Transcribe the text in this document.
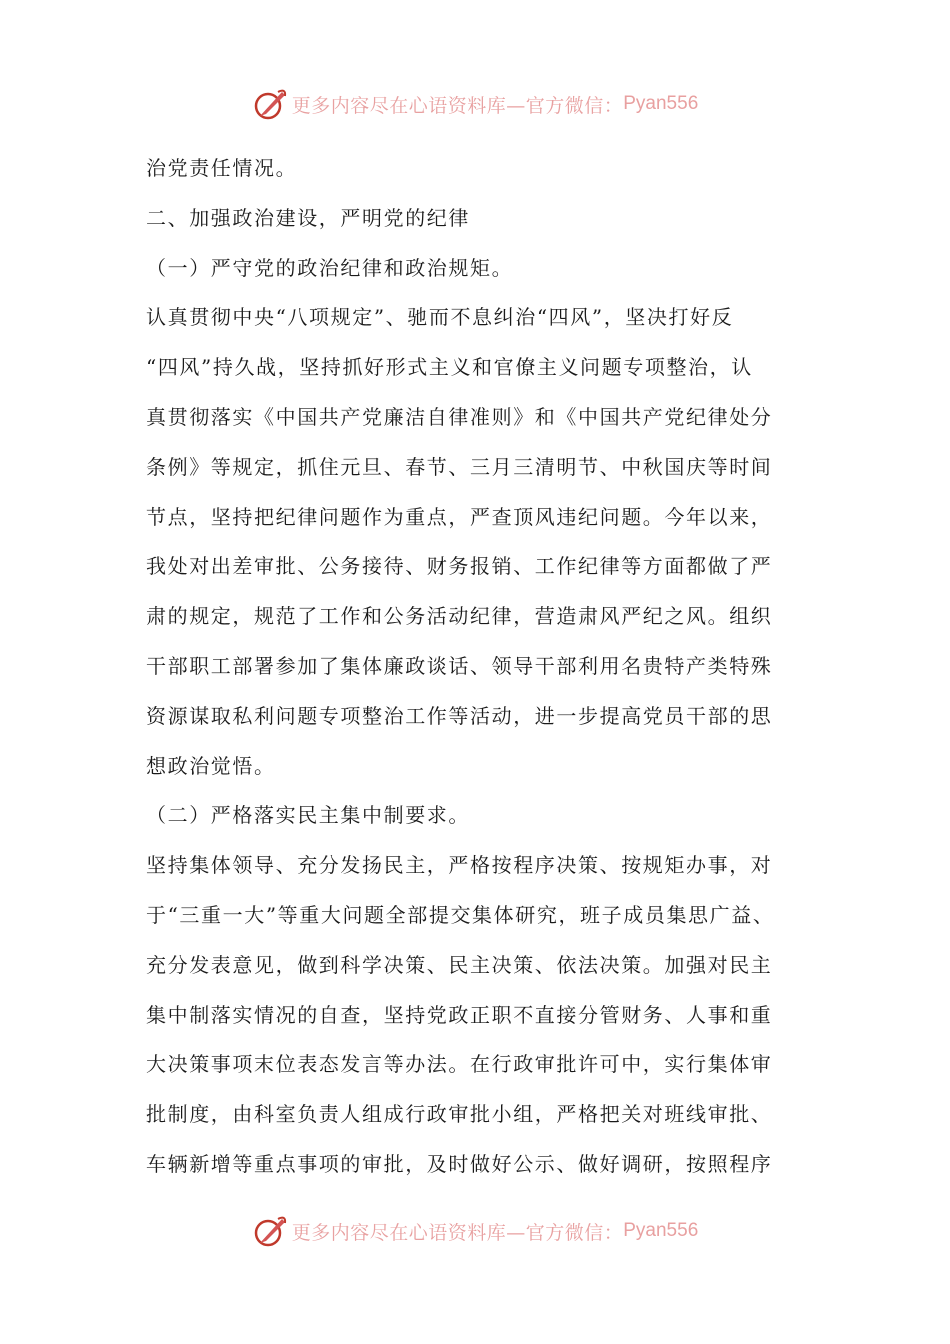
更多内容尽在心语资料库—官方微信： Pyan556
治党责任情况。
二、加强政治建设，严明党的纪律
（一）严守党的政治纪律和政治规矩。
认真贯彻中央“八项规定”、驰而不息纠治“四风”，坚决打好反
“四风”持久战，坚持抓好形式主义和官僚主义问题专项整治，认
真贯彻落实《中国共产党廉洁自律准则》和《中国共产党纪律处分
条例》等规定，抓住元旦、春节、三月三清明节、中秋国庆等时间
节点，坚持把纪律问题作为重点，严查顶风违纪问题。今年以来，
我处对出差审批、公务接待、财务报销、工作纪律等方面都做了严
肃的规定，规范了工作和公务活动纪律，营造肃风严纪之风。组织
干部职工部署参加了集体廉政谈话、领导干部利用名贵特产类特殊
资源谋取私利问题专项整治工作等活动，进一步提高党员干部的思
想政治觉悟。
（二）严格落实民主集中制要求。
坚持集体领导、充分发扬民主，严格按程序决策、按规矩办事，对
于“三重一大”等重大问题全部提交集体研究，班子成员集思广益、
充分发表意见，做到科学决策、民主决策、依法决策。加强对民主
集中制落实情况的自查，坚持党政正职不直接分管财务、人事和重
大决策事项末位表态发言等办法。在行政审批许可中，实行集体审
批制度，由科室负责人组成行政审批小组，严格把关对班线审批、
车辆新增等重点事项的审批，及时做好公示、做好调研，按照程序
更多内容尽在心语资料库—官方微信： Pyan556
